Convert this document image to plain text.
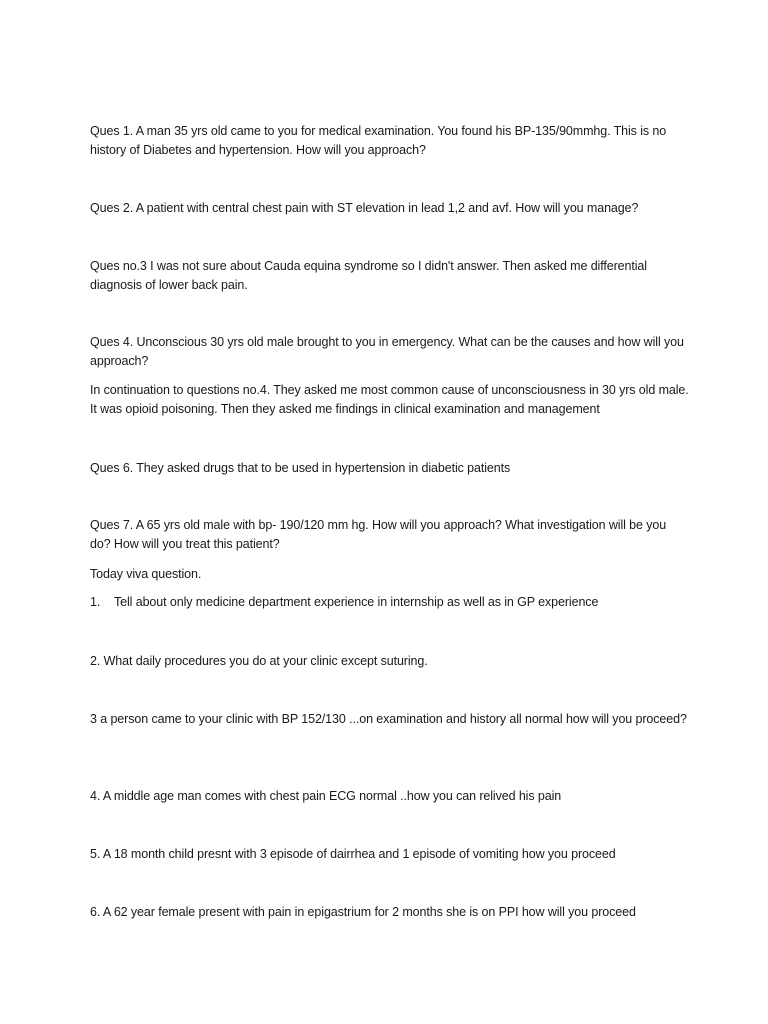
Ques 1. A man 35 yrs old came to you for medical examination. You found his BP-135/90mmhg. This is no history of Diabetes and hypertension. How will you approach?

Ques 2. A patient with central chest pain with ST elevation in lead 1,2 and avf. How will you manage?

Ques no.3 I was not sure about Cauda equina syndrome so I didn't answer. Then asked me differential diagnosis of lower back pain.

Ques 4. Unconscious 30 yrs old male brought to you in emergency. What can be the causes and how will you approach?

In continuation to questions no.4. They asked me most common cause of unconsciousness in 30 yrs old male. It was opioid poisoning. Then they asked me findings in clinical examination and management

Ques 6. They asked drugs that to be used in hypertension in diabetic patients

Ques 7. A 65 yrs old male with bp- 190/120 mm hg. How will you approach? What investigation will be you do? How will you treat this patient?

Today viva question.

1.	Tell about only medicine department experience in internship as well as in GP experience

2. What daily procedures you do at your clinic except suturing.

3 a person came to your clinic with BP 152/130 ...on examination and history all normal how will you proceed?

4. A middle age man comes with chest pain ECG normal ..how you can relived his pain

5. A 18 month child presnt with 3 episode of dairrhea and 1 episode of vomiting how you proceed

6. A 62 year female present with pain in epigastrium for 2 months she is on PPI how will you proceed
